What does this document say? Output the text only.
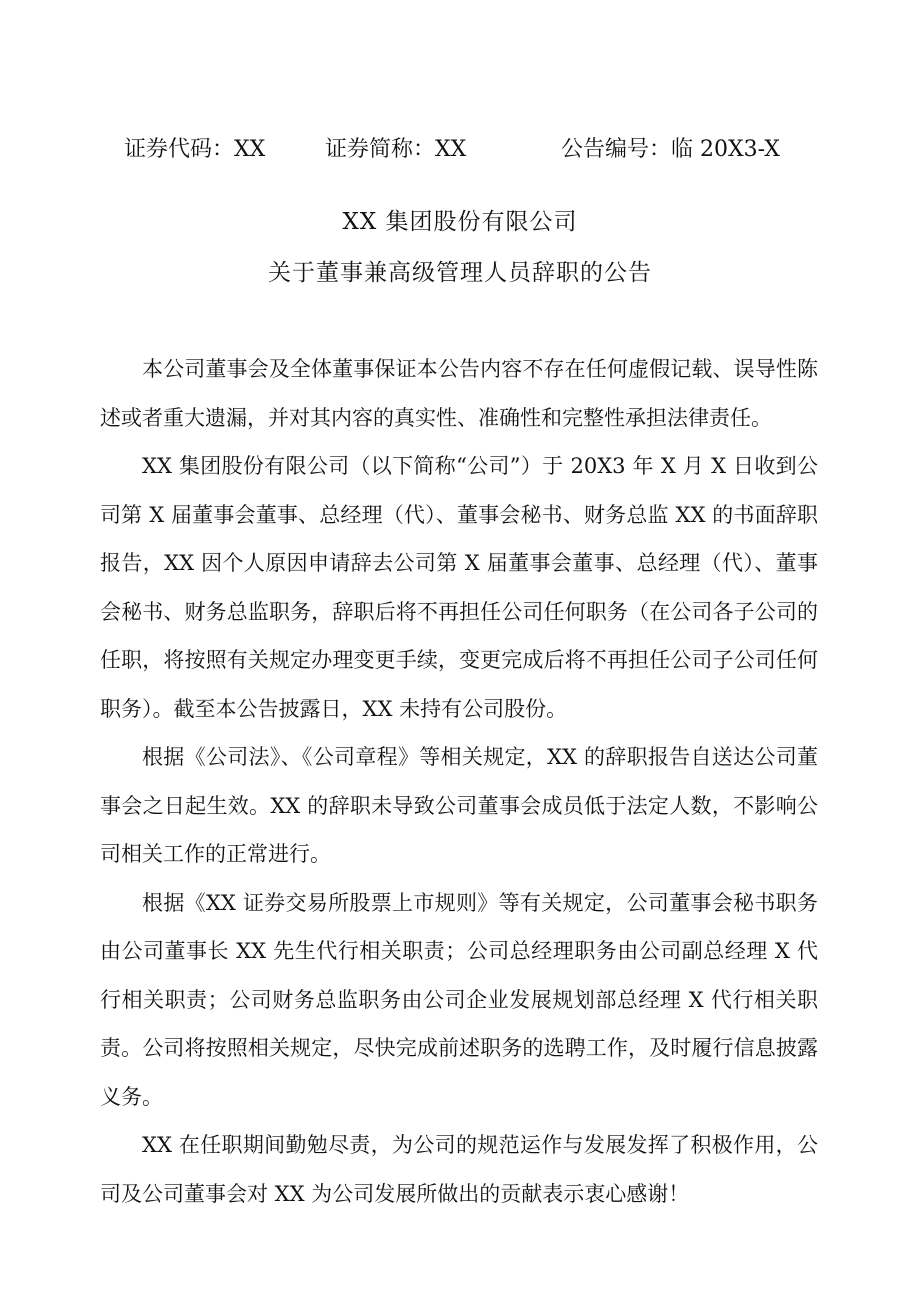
证券代码：XX	证券简称：XX	公告编号：临 20X3-X
XX 集团股份有限公司
关于董事兼高级管理人员辞职的公告

本公司董事会及全体董事保证本公告内容不存在任何虚假记载、误导性陈述或者重大遗漏，并对其内容的真实性、准确性和完整性承担法律责任。

XX 集团股份有限公司（以下简称“公司”）于 20X3 年 X 月 X 日收到公司第 X 届董事会董事、总经理（代）、董事会秘书、财务总监 XX 的书面辞职报告，XX 因个人原因申请辞去公司第 X 届董事会董事、总经理（代）、董事会秘书、财务总监职务，辞职后将不再担任公司任何职务（在公司各子公司的任职，将按照有关规定办理变更手续，变更完成后将不再担任公司子公司任何职务）。截至本公告披露日，XX 未持有公司股份。

根据《公司法》、《公司章程》等相关规定，XX 的辞职报告自送达公司董事会之日起生效。XX 的辞职未导致公司董事会成员低于法定人数，不影响公司相关工作的正常进行。

根据《XX 证券交易所股票上市规则》等有关规定，公司董事会秘书职务由公司董事长 XX 先生代行相关职责；公司总经理职务由公司副总经理 X 代行相关职责；公司财务总监职务由公司企业发展规划部总经理 X 代行相关职责。公司将按照相关规定，尽快完成前述职务的选聘工作，及时履行信息披露义务。

XX 在任职期间勤勉尽责，为公司的规范运作与发展发挥了积极作用，公司及公司董事会对 XX 为公司发展所做出的贡献表示衷心感谢！
